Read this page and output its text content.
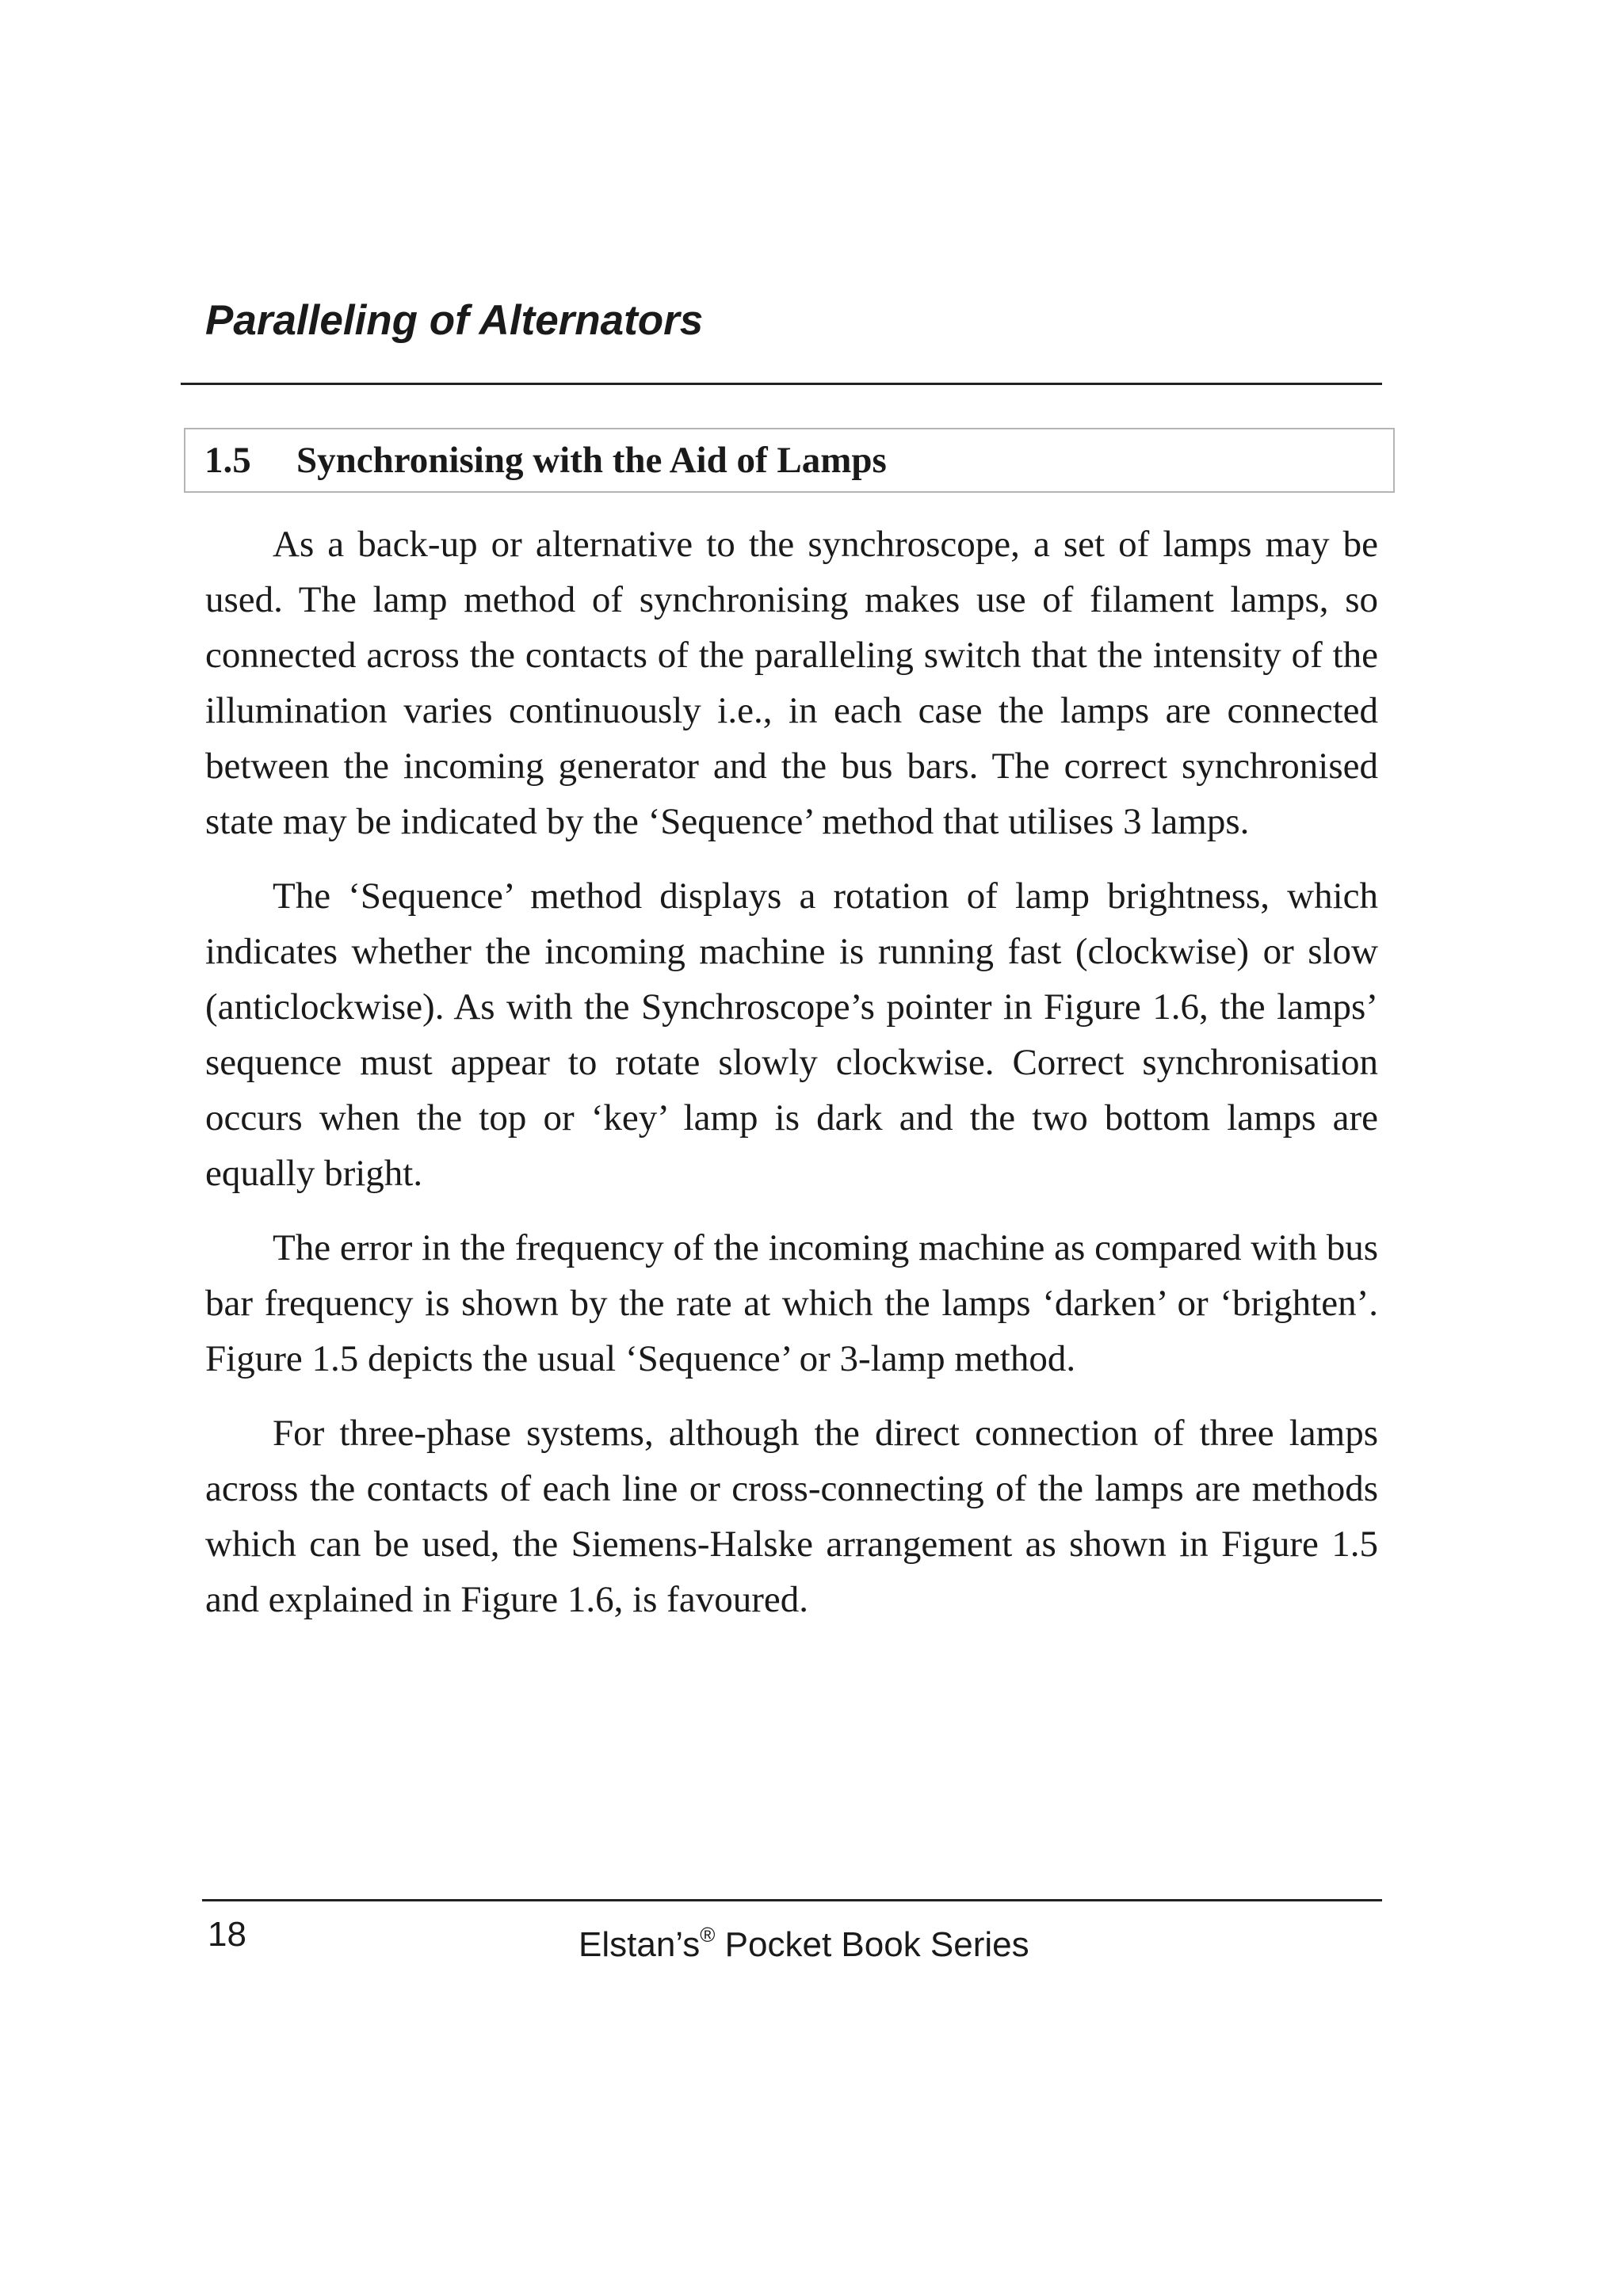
Paralleling of Alternators
1.5	Synchronising with the Aid of Lamps

As a back-up or alternative to the synchroscope, a set of lamps may be used. The lamp method of synchronising makes use of filament lamps, so connected across the contacts of the paralleling switch that the intensity of the illumination varies continuously i.e., in each case the lamps are connected between the incoming generator and the bus bars. The correct synchronised state may be indicated by the ‘Sequence’ method that utilises 3 lamps.

The ‘Sequence’ method displays a rotation of lamp brightness, which indicates whether the incoming machine is running fast (clockwise) or slow (anticlockwise). As with the Synchroscope’s pointer in Figure 1.6, the lamps’ sequence must appear to rotate slowly clockwise. Correct synchronisation occurs when the top or ‘key’ lamp is dark and the two bottom lamps are equally bright.

The error in the frequency of the incoming machine as compared with bus bar frequency is shown by the rate at which the lamps ‘darken’ or ‘brighten’. Figure 1.5 depicts the usual ‘Sequence’ or 3-lamp method.

For three-phase systems, although the direct connection of three lamps across the contacts of each line or cross-connecting of the lamps are methods which can be used, the Siemens-Halske arrangement as shown in Figure 1.5 and explained in Figure 1.6, is favoured.

18	Elstan’s® Pocket Book Series
